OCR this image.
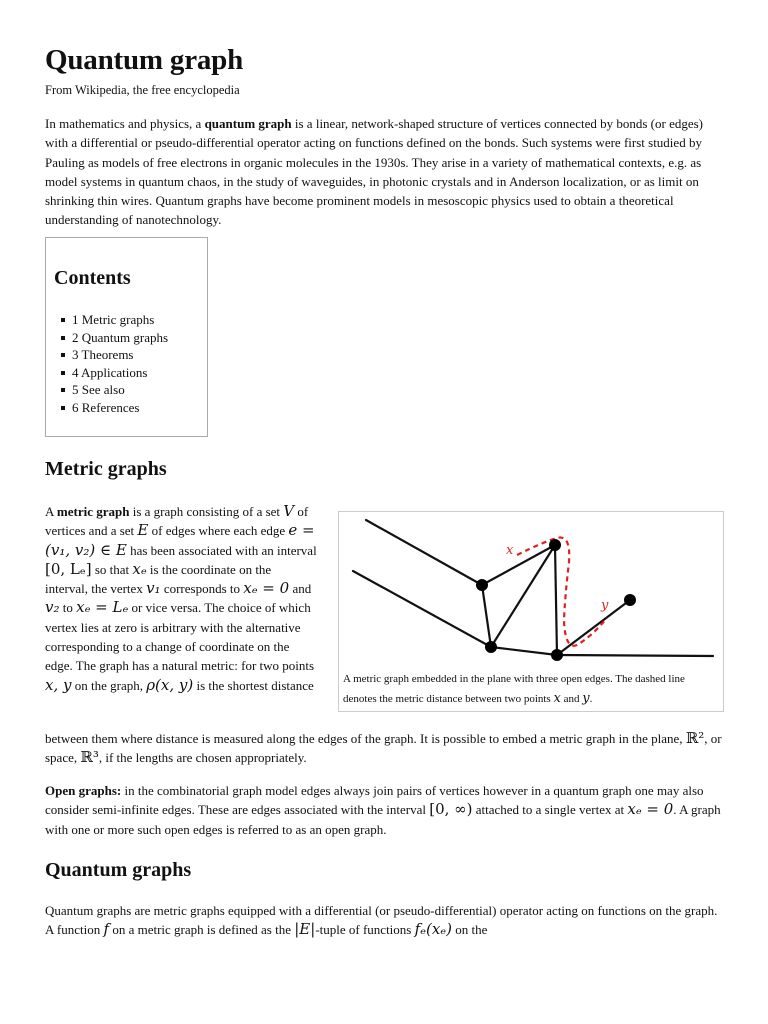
Quantum graph
From Wikipedia, the free encyclopedia

In mathematics and physics, a quantum graph is a linear, network-shaped structure of vertices connected by bonds (or edges) with a differential or pseudo-differential operator acting on functions defined on the bonds. Such systems were first studied by Pauling as models of free electrons in organic molecules in the 1930s. They arise in a variety of mathematical contexts, e.g. as model systems in quantum chaos, in the study of waveguides, in photonic crystals and in Anderson localization, or as limit on shrinking thin wires. Quantum graphs have become prominent models in mesoscopic physics used to obtain a theoretical understanding of nanotechnology.

Contents
1 Metric graphs
2 Quantum graphs
3 Theorems
4 Applications
5 See also
6 References
Metric graphs

A metric graph is a graph consisting of a set V of vertices and a set E of edges where each edge e = (v₁, v₂) ∈ E has been associated with an interval [0, Lₑ] so that xₑ is the coordinate on the interval, the vertex v₁ corresponds to xₑ = 0 and v₂ to xₑ = Lₑ or vice versa. The choice of which vertex lies at zero is arbitrary with the alternative corresponding to a change of coordinate on the edge. The graph has a natural metric: for two points x, y on the graph, ρ(x, y) is the shortest distance

x
y
A metric graph embedded in the plane with three open edges. The dashed line denotes the metric distance between two points x and y.

between them where distance is measured along the edges of the graph. It is possible to embed a metric graph in the plane, ℝ², or space, ℝ³, if the lengths are chosen appropriately.

Open graphs: in the combinatorial graph model edges always join pairs of vertices however in a quantum graph one may also consider semi-infinite edges. These are edges associated with the interval [0, ∞) attached to a single vertex at xₑ = 0. A graph with one or more such open edges is referred to as an open graph.

Quantum graphs

Quantum graphs are metric graphs equipped with a differential (or pseudo-differential) operator acting on functions on the graph. A function f on a metric graph is defined as the |E|-tuple of functions fₑ(xₑ) on the
